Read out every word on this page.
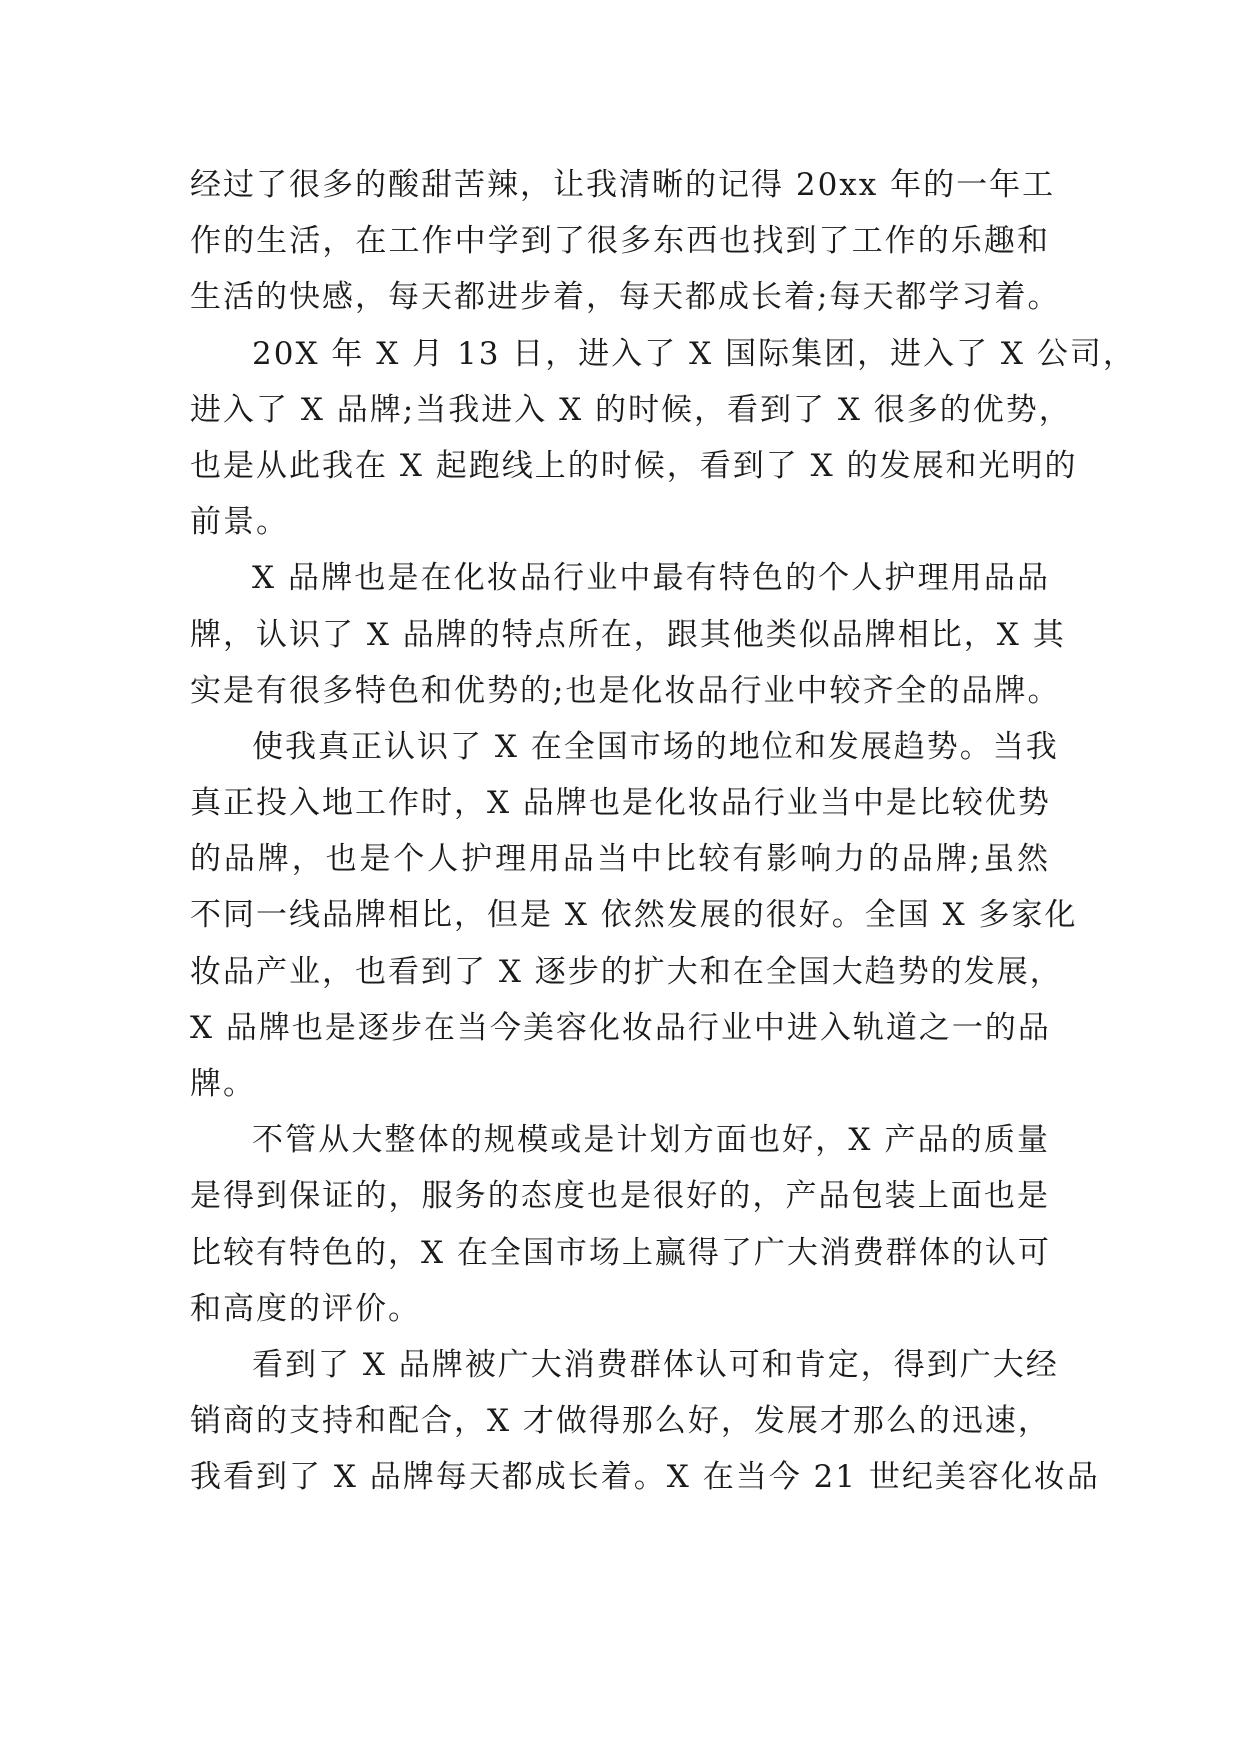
经过了很多的酸甜苦辣，让我清晰的记得 20xx 年的一年工
作的生活，在工作中学到了很多东西也找到了工作的乐趣和
生活的快感，每天都进步着，每天都成长着;每天都学习着。
20X 年 X 月 13 日，进入了 X 国际集团，进入了 X 公司，
进入了 X 品牌;当我进入 X 的时候，看到了 X 很多的优势，
也是从此我在 X 起跑线上的时候，看到了 X 的发展和光明的
前景。
X 品牌也是在化妆品行业中最有特色的个人护理用品品
牌，认识了 X 品牌的特点所在，跟其他类似品牌相比，X 其
实是有很多特色和优势的;也是化妆品行业中较齐全的品牌。
使我真正认识了 X 在全国市场的地位和发展趋势。当我
真正投入地工作时，X 品牌也是化妆品行业当中是比较优势
的品牌，也是个人护理用品当中比较有影响力的品牌;虽然
不同一线品牌相比，但是 X 依然发展的很好。全国 X 多家化
妆品产业，也看到了 X 逐步的扩大和在全国大趋势的发展，
X 品牌也是逐步在当今美容化妆品行业中进入轨道之一的品
牌。
不管从大整体的规模或是计划方面也好，X 产品的质量
是得到保证的，服务的态度也是很好的，产品包装上面也是
比较有特色的，X 在全国市场上赢得了广大消费群体的认可
和高度的评价。
看到了 X 品牌被广大消费群体认可和肯定，得到广大经
销商的支持和配合，X 才做得那么好，发展才那么的迅速，
我看到了 X 品牌每天都成长着。X 在当今 21 世纪美容化妆品
